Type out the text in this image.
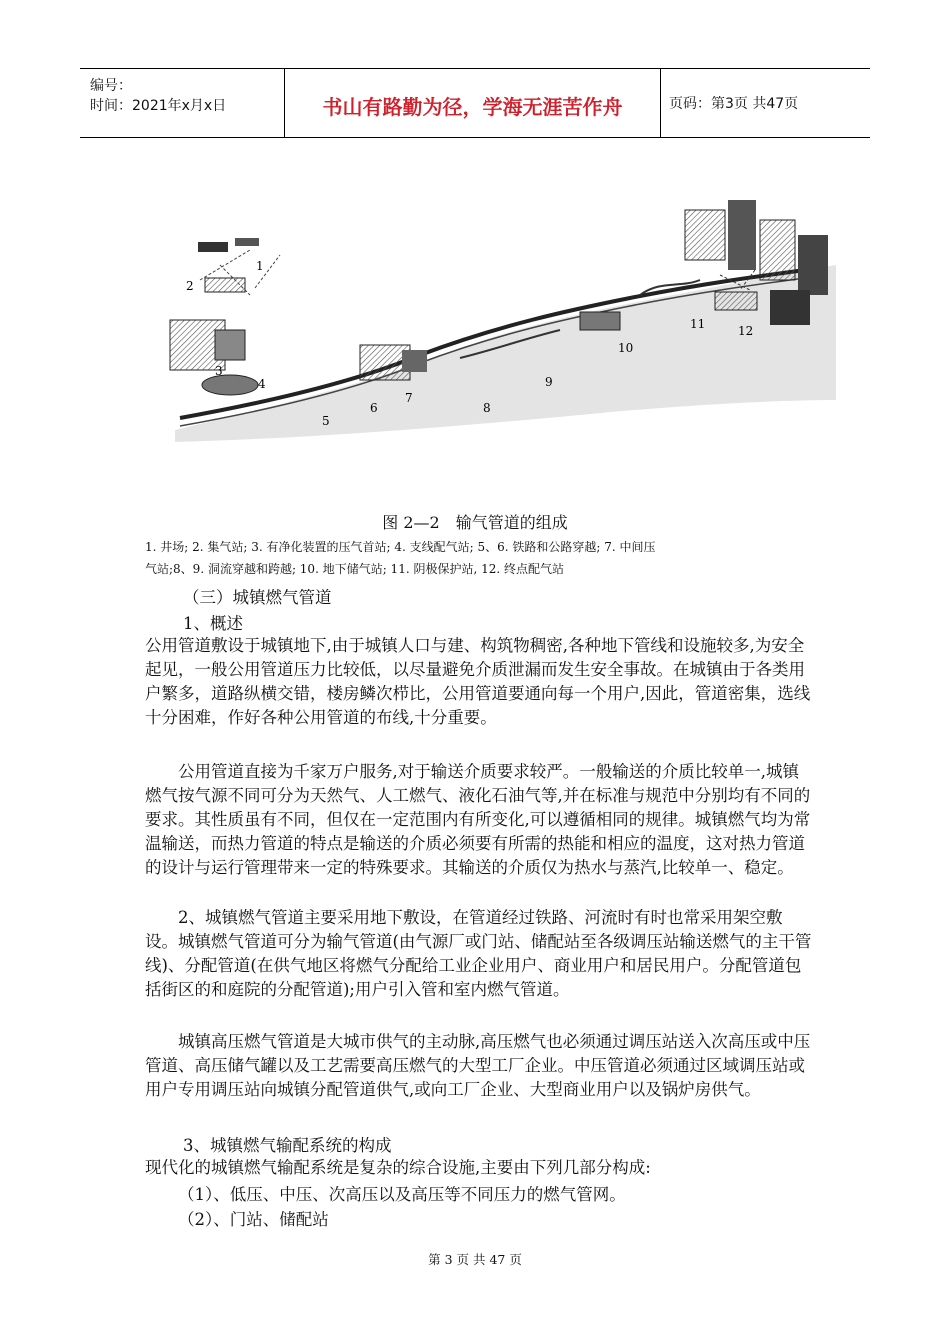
编号：
时间：2021年x月x日	书山有路勤为径，学海无涯苦作舟	页码：第3页 共47页
1
2
3
4
5
6
7
8
9
10
11	12
图 2—2　输气管道的组成
1. 井场; 2. 集气站; 3. 有净化装置的压气首站; 4. 支线配气站; 5、6. 铁路和公路穿越; 7. 中间压
气站;8、9. 洞流穿越和跨越; 10. 地下储气站; 11. 阴极保护站, 12. 终点配气站
（三）城镇燃气管道
1、概述
公用管道敷设于城镇地下,由于城镇人口与建、构筑物稠密,各种地下管线和设施较多,为安全起见，一般公用管道压力比较低，以尽量避免介质泄漏而发生安全事故。在城镇由于各类用户繁多，道路纵横交错，楼房鳞次栉比，公用管道要通向每一个用户,因此，管道密集，选线十分困难，作好各种公用管道的布线,十分重要。
公用管道直接为千家万户服务,对于输送介质要求较严。一般输送的介质比较单一,城镇燃气按气源不同可分为天然气、人工燃气、液化石油气等,并在标准与规范中分别均有不同的要求。其性质虽有不同，但仅在一定范围内有所变化,可以遵循相同的规律。城镇燃气均为常温输送，而热力管道的特点是输送的介质必须要有所需的热能和相应的温度，这对热力管道的设计与运行管理带来一定的特殊要求。其输送的介质仅为热水与蒸汽,比较单一、稳定。
2、城镇燃气管道主要采用地下敷设，在管道经过铁路、河流时有时也常采用架空敷设。城镇燃气管道可分为输气管道(由气源厂或门站、储配站至各级调压站输送燃气的主干管线)、分配管道(在供气地区将燃气分配给工业企业用户、商业用户和居民用户。分配管道包括街区的和庭院的分配管道);用户引入管和室内燃气管道。
城镇高压燃气管道是大城市供气的主动脉,高压燃气也必须通过调压站送入次高压或中压管道、高压储气罐以及工艺需要高压燃气的大型工厂企业。中压管道必须通过区域调压站或用户专用调压站向城镇分配管道供气,或向工厂企业、大型商业用户以及锅炉房供气。
3、城镇燃气输配系统的构成
现代化的城镇燃气输配系统是复杂的综合设施,主要由下列几部分构成:
（1）、低压、中压、次高压以及高压等不同压力的燃气管网。
（2）、门站、储配站
第 3 页 共 47 页
